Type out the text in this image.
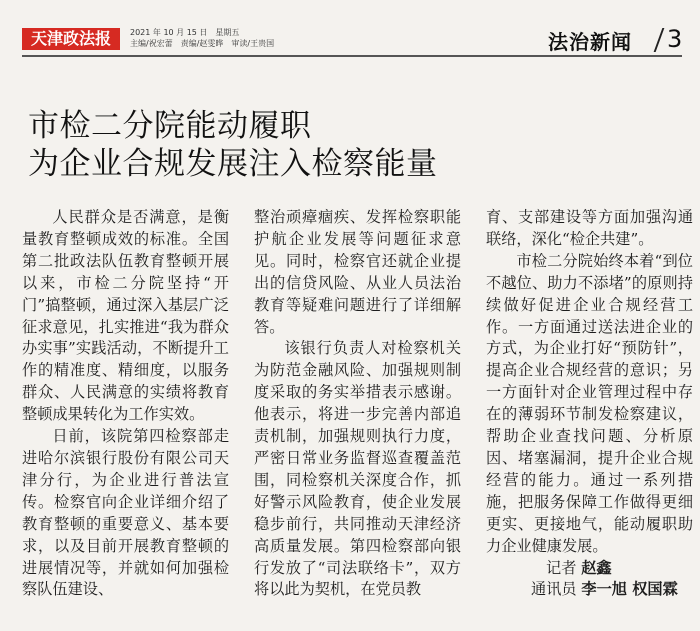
天津政法报	2021 年 10 月 15 日　星期五
主编/祝宏蕾　责编/赵雯晔　审读/王贵国	法治新闻 3
市检二分院能动履职
为企业合规发展注入检察能量

人民群众是否满意，是衡量教育整顿成效的标准。全国第二批政法队伍教育整顿开展以来，市检二分院坚持“开门”搞整顿，通过深入基层广泛征求意见，扎实推进“我为群众办实事”实践活动，不断提升工作的精准度、精细度，以服务群众、人民满意的实绩将教育整顿成果转化为工作实效。

日前，该院第四检察部走进哈尔滨银行股份有限公司天津分行，为企业进行普法宣传。检察官向企业详细介绍了教育整顿的重要意义、基本要求，以及目前开展教育整顿的进展情况等，并就如何加强检察队伍建设、

整治顽瘴痼疾、发挥检察职能护航企业发展等问题征求意见。同时，检察官还就企业提出的信贷风险、从业人员法治教育等疑难问题进行了详细解答。

该银行负责人对检察机关为防范金融风险、加强规则制度采取的务实举措表示感谢。他表示，将进一步完善内部追责机制，加强规则执行力度，严密日常业务监督巡查覆盖范围，同检察机关深度合作，抓好警示风险教育，使企业发展稳步前行，共同推动天津经济高质量发展。第四检察部向银行发放了“司法联络卡”，双方将以此为契机，在党员教

育、支部建设等方面加强沟通联络，深化“检企共建”。

市检二分院始终本着“到位不越位、助力不添堵”的原则持续做好促进企业合规经营工作。一方面通过送法进企业的方式，为企业打好“预防针”，提高企业合规经营的意识；另一方面针对企业管理过程中存在的薄弱环节制发检察建议，帮助企业查找问题、分析原因、堵塞漏洞，提升企业合规经营的能力。通过一系列措施，把服务保障工作做得更细更实、更接地气，能动履职助力企业健康发展。

记者 赵鑫
通讯员 李一旭 权国霖
